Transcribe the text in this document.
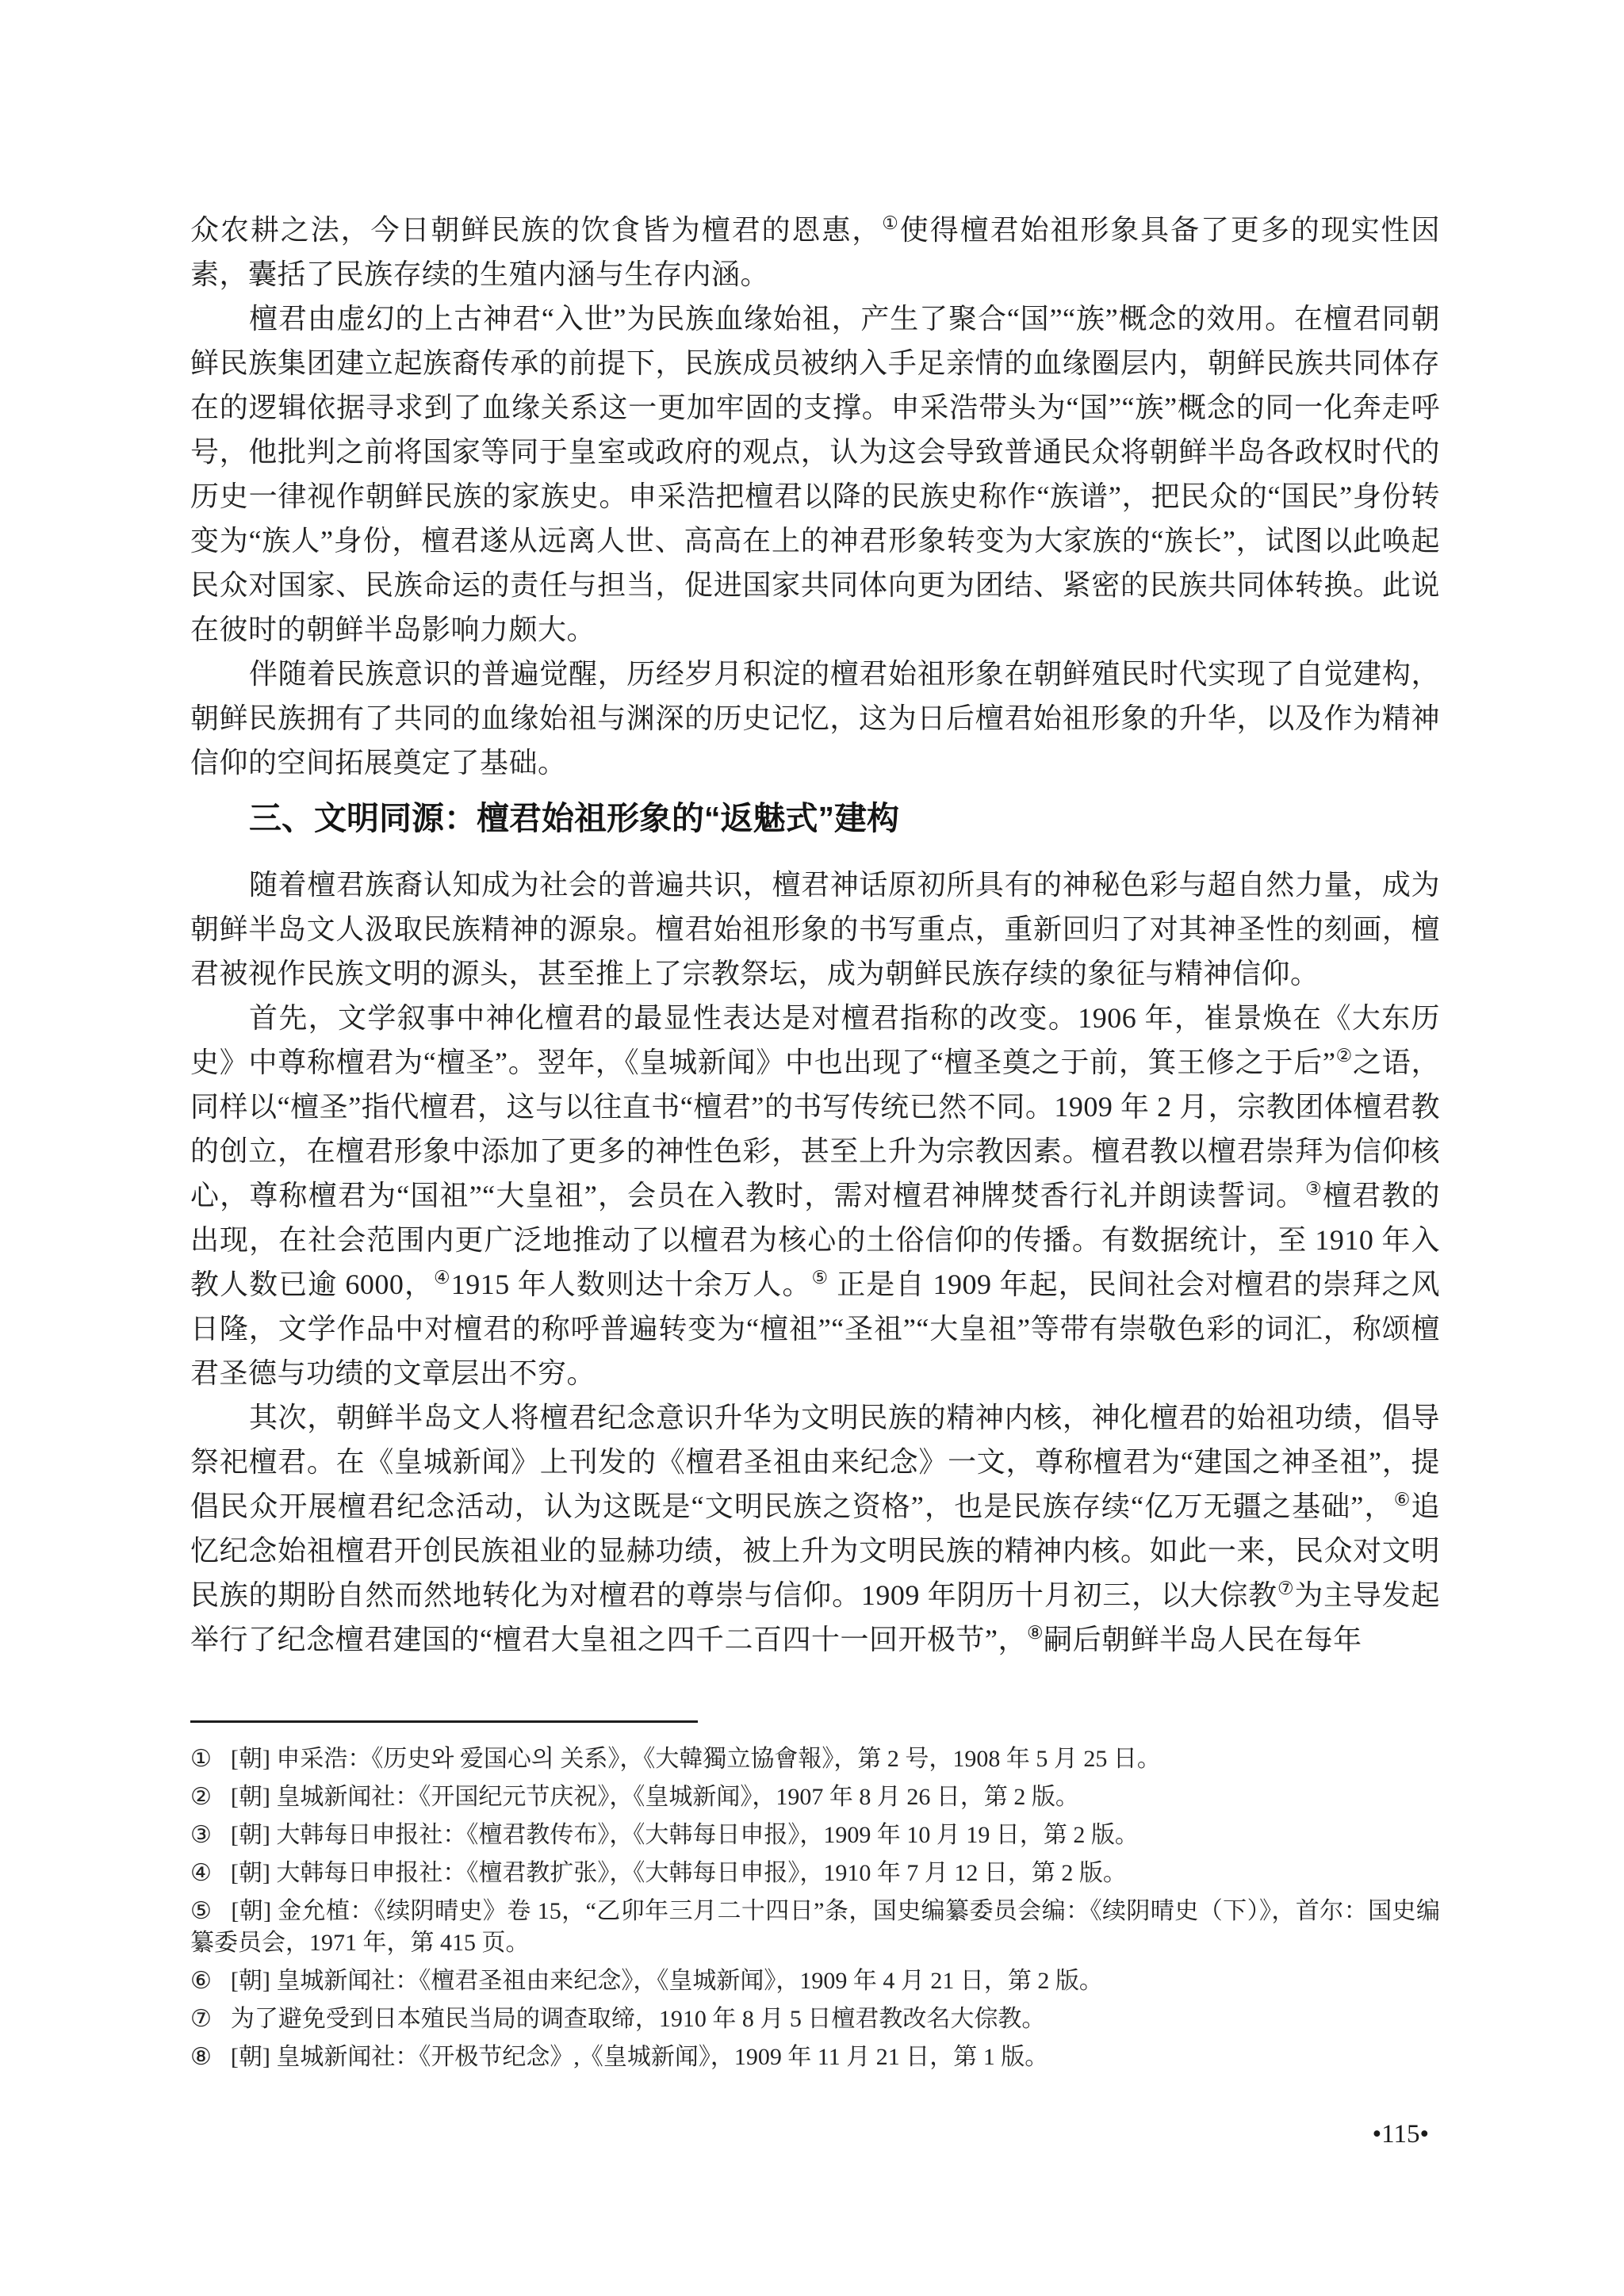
众农耕之法，今日朝鲜民族的饮食皆为檀君的恩惠，①使得檀君始祖形象具备了更多的现实性因素，囊括了民族存续的生殖内涵与生存内涵。

檀君由虚幻的上古神君“入世”为民族血缘始祖，产生了聚合“国”“族”概念的效用。在檀君同朝鲜民族集团建立起族裔传承的前提下，民族成员被纳入手足亲情的血缘圈层内，朝鲜民族共同体存在的逻辑依据寻求到了血缘关系这一更加牢固的支撑。申采浩带头为“国”“族”概念的同一化奔走呼号，他批判之前将国家等同于皇室或政府的观点，认为这会导致普通民众将朝鲜半岛各政权时代的历史一律视作朝鲜民族的家族史。申采浩把檀君以降的民族史称作“族谱”，把民众的“国民”身份转变为“族人”身份，檀君遂从远离人世、高高在上的神君形象转变为大家族的“族长”，试图以此唤起民众对国家、民族命运的责任与担当，促进国家共同体向更为团结、紧密的民族共同体转换。此说在彼时的朝鲜半岛影响力颇大。

伴随着民族意识的普遍觉醒，历经岁月积淀的檀君始祖形象在朝鲜殖民时代实现了自觉建构，朝鲜民族拥有了共同的血缘始祖与渊深的历史记忆，这为日后檀君始祖形象的升华，以及作为精神信仰的空间拓展奠定了基础。

三、文明同源：檀君始祖形象的“返魅式”建构

随着檀君族裔认知成为社会的普遍共识，檀君神话原初所具有的神秘色彩与超自然力量，成为朝鲜半岛文人汲取民族精神的源泉。檀君始祖形象的书写重点，重新回归了对其神圣性的刻画，檀君被视作民族文明的源头，甚至推上了宗教祭坛，成为朝鲜民族存续的象征与精神信仰。

首先，文学叙事中神化檀君的最显性表达是对檀君指称的改变。1906 年，崔景焕在《大东历史》中尊称檀君为“檀圣”。翌年，《皇城新闻》中也出现了“檀圣奠之于前，箕王修之于后”②之语，同样以“檀圣”指代檀君，这与以往直书“檀君”的书写传统已然不同。1909 年 2 月，宗教团体檀君教的创立，在檀君形象中添加了更多的神性色彩，甚至上升为宗教因素。檀君教以檀君崇拜为信仰核心，尊称檀君为“国祖”“大皇祖”，会员在入教时，需对檀君神牌焚香行礼并朗读誓词。③檀君教的出现，在社会范围内更广泛地推动了以檀君为核心的土俗信仰的传播。有数据统计，至 1910 年入教人数已逾 6000，④1915 年人数则达十余万人。⑤ 正是自 1909 年起，民间社会对檀君的崇拜之风日隆，文学作品中对檀君的称呼普遍转变为“檀祖”“圣祖”“大皇祖”等带有崇敬色彩的词汇，称颂檀君圣德与功绩的文章层出不穷。

其次，朝鲜半岛文人将檀君纪念意识升华为文明民族的精神内核，神化檀君的始祖功绩，倡导祭祀檀君。在《皇城新闻》上刊发的《檀君圣祖由来纪念》一文，尊称檀君为“建国之神圣祖”，提倡民众开展檀君纪念活动，认为这既是“文明民族之资格”，也是民族存续“亿万无疆之基础”，⑥追忆纪念始祖檀君开创民族祖业的显赫功绩，被上升为文明民族的精神内核。如此一来，民众对文明民族的期盼自然而然地转化为对檀君的尊崇与信仰。1909 年阴历十月初三，以大倧教⑦为主导发起举行了纪念檀君建国的“檀君大皇祖之四千二百四十一回开极节”，⑧嗣后朝鲜半岛人民在每年

① [朝] 申采浩：《历史와 爱国心의 关系》，《大韓獨立協會報》，第 2 号，1908 年 5 月 25 日。

② [朝] 皇城新闻社：《开国纪元节庆祝》，《皇城新闻》，1907 年 8 月 26 日，第 2 版。

③ [朝] 大韩每日申报社：《檀君教传布》，《大韩每日申报》，1909 年 10 月 19 日，第 2 版。

④ [朝] 大韩每日申报社：《檀君教扩张》，《大韩每日申报》，1910 年 7 月 12 日，第 2 版。

⑤ [朝] 金允植：《续阴晴史》卷 15，“乙卯年三月二十四日”条，国史编纂委员会编：《续阴晴史（下）》，首尔：国史编纂委员会，1971 年，第 415 页。

⑥ [朝] 皇城新闻社：《檀君圣祖由来纪念》，《皇城新闻》，1909 年 4 月 21 日，第 2 版。

⑦ 为了避免受到日本殖民当局的调查取缔，1910 年 8 月 5 日檀君教改名大倧教。

⑧ [朝] 皇城新闻社：《开极节纪念》,《皇城新闻》，1909 年 11 月 21 日，第 1 版。

•115•
